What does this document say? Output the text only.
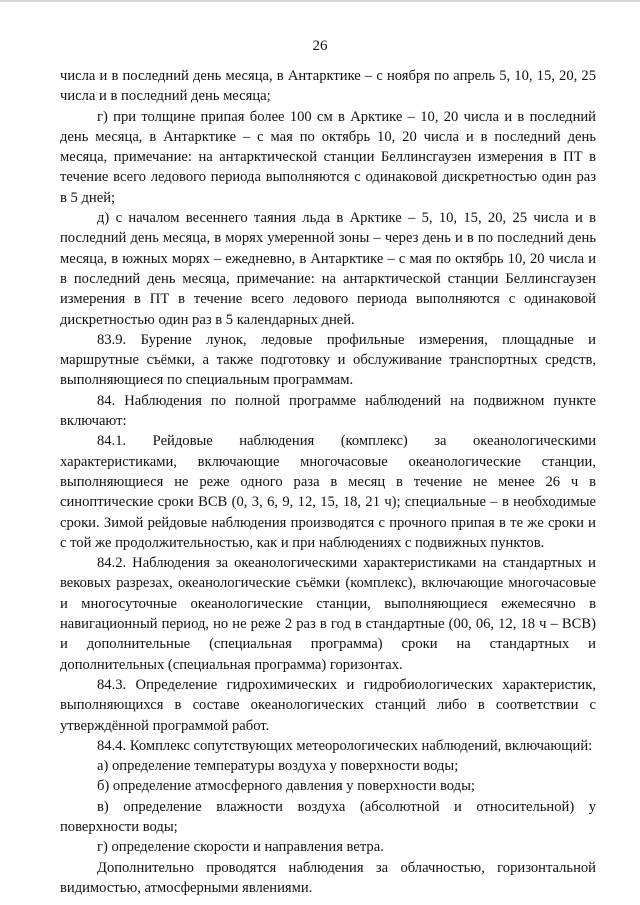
26

числа и в последний день месяца, в Антарктике – с ноября по апрель 5, 10, 15, 20, 25 числа и в последний день месяца;

г) при толщине припая более 100 см в Арктике – 10, 20 числа и в последний день месяца, в Антарктике – с мая по октябрь 10, 20 числа и в последний день месяца, примечание: на антарктической станции Беллинсгаузен измерения в ПТ в течение всего ледового периода выполняются с одинаковой дискретностью один раз в 5 дней;

д) с началом весеннего таяния льда в Арктике – 5, 10, 15, 20, 25 числа и в последний день месяца, в морях умеренной зоны – через день и в по последний день месяца, в южных морях – ежедневно, в Антарктике – с мая по октябрь 10, 20 числа и в последний день месяца, примечание: на антарктической станции Беллинсгаузен измерения в ПТ в течение всего ледового периода выполняются с одинаковой дискретностью один раз в 5 календарных дней.

83.9. Бурение лунок, ледовые профильные измерения, площадные и маршрутные съёмки, а также подготовку и обслуживание транспортных средств, выполняющиеся по специальным программам.

84. Наблюдения по полной программе наблюдений на подвижном пункте включают:

84.1. Рейдовые наблюдения (комплекс) за океанологическими характеристиками, включающие многочасовые океанологические станции, выполняющиеся не реже одного раза в месяц в течение не менее 26 ч в синоптические сроки ВСВ (0, 3, 6, 9, 12, 15, 18, 21 ч); специальные – в необходимые сроки. Зимой рейдовые наблюдения производятся с прочного припая в те же сроки и с той же продолжительностью, как и при наблюдениях с подвижных пунктов.

84.2. Наблюдения за океанологическими характеристиками на стандартных и вековых разрезах, океанологические съёмки (комплекс), включающие многочасовые и многосуточные океанологические станции, выполняющиеся ежемесячно в навигационный период, но не реже 2 раз в год в стандартные (00, 06, 12, 18 ч – ВСВ) и дополнительные (специальная программа) сроки на стандартных и дополнительных (специальная программа) горизонтах.

84.3. Определение гидрохимических и гидробиологических характеристик, выполняющихся в составе океанологических станций либо в соответствии с утверждённой программой работ.

84.4. Комплекс сопутствующих метеорологических наблюдений, включающий:

а) определение температуры воздуха у поверхности воды;

б) определение атмосферного давления у поверхности воды;

в) определение влажности воздуха (абсолютной и относительной) у поверхности воды;

г) определение скорости и направления ветра.

Дополнительно проводятся наблюдения за облачностью, горизонтальной видимостью, атмосферными явлениями.
